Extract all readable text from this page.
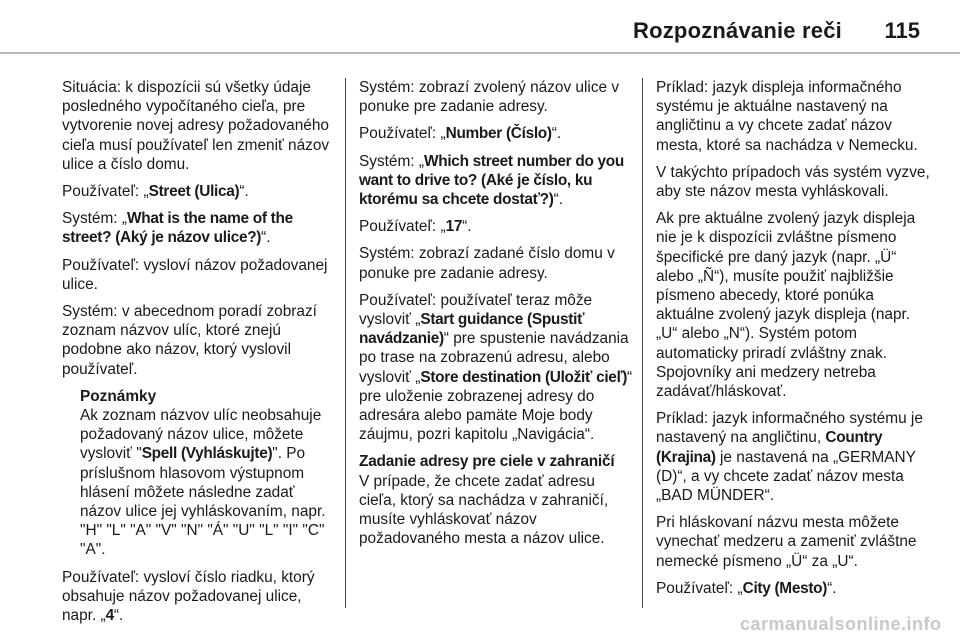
Rozpoznávanie reči 115

Situácia: k dispozícii sú všetky údaje posledného vypočítaného cieľa, pre vytvorenie novej adresy požadovaného cieľa musí používateľ len zmeniť názov ulice a číslo domu.

Používateľ: „Street (Ulica)“.

Systém: „What is the name of the street? (Aký je názov ulice?)“.

Používateľ: vysloví názov požadovanej ulice.

Systém: v abecednom poradí zobrazí zoznam názvov ulíc, ktoré znejú podobne ako názov, ktorý vyslovil používateľ.

Poznámky

Ak zoznam názvov ulíc neobsahuje požadovaný názov ulice, môžete vysloviť "Spell (Vyhláskujte)". Po príslušnom hlasovom výstupnom hlásení môžete následne zadať názov ulice jej vyhláskovaním, napr. "H" "L" "A" "V" "N" "Á" "U" "L" "I" "C" "A".

Používateľ: vysloví číslo riadku, ktorý obsahuje názov požadovanej ulice, napr. „4“.

Systém: zobrazí zvolený názov ulice v ponuke pre zadanie adresy.

Používateľ: „Number (Číslo)“.

Systém: „Which street number do you want to drive to? (Aké je číslo, ku ktorému sa chcete dostať?)“.

Používateľ: „17“.

Systém: zobrazí zadané číslo domu v ponuke pre zadanie adresy.

Používateľ: používateľ teraz môže vysloviť „Start guidance (Spustiť navádzanie)“ pre spustenie navádzania po trase na zobrazenú adresu, alebo vysloviť „Store destination (Uložiť cieľ)“ pre uloženie zobrazenej adresy do adresára alebo pamäte Moje body záujmu, pozri kapitolu „Navigácia“.

Zadanie adresy pre ciele v zahraničí

V prípade, že chcete zadať adresu cieľa, ktorý sa nachádza v zahraničí, musíte vyhláskovať názov požadovaného mesta a názov ulice.

Príklad: jazyk displeja informačného systému je aktuálne nastavený na angličtinu a vy chcete zadať názov mesta, ktoré sa nachádza v Nemecku.

V takýchto prípadoch vás systém vyzve, aby ste názov mesta vyhláskovali.

Ak pre aktuálne zvolený jazyk displeja nie je k dispozícii zvláštne písmeno špecifické pre daný jazyk (napr. „Ü“ alebo „Ñ“), musíte použiť najbližšie písmeno abecedy, ktoré ponúka aktuálne zvolený jazyk displeja (napr. „U“ alebo „N“). Systém potom automaticky priradí zvláštny znak. Spojovníky ani medzery netreba zadávať/hláskovať.

Príklad: jazyk informačného systému je nastavený na angličtinu, Country (Krajina) je nastavená na „GERMANY (D)“, a vy chcete zadať názov mesta „BAD MÜNDER“.

Pri hláskovaní názvu mesta môžete vynechať medzeru a zameniť zvláštne nemecké písmeno „Ü“ za „U“.

Používateľ: „City (Mesto)“.

carmanualsonline.info
